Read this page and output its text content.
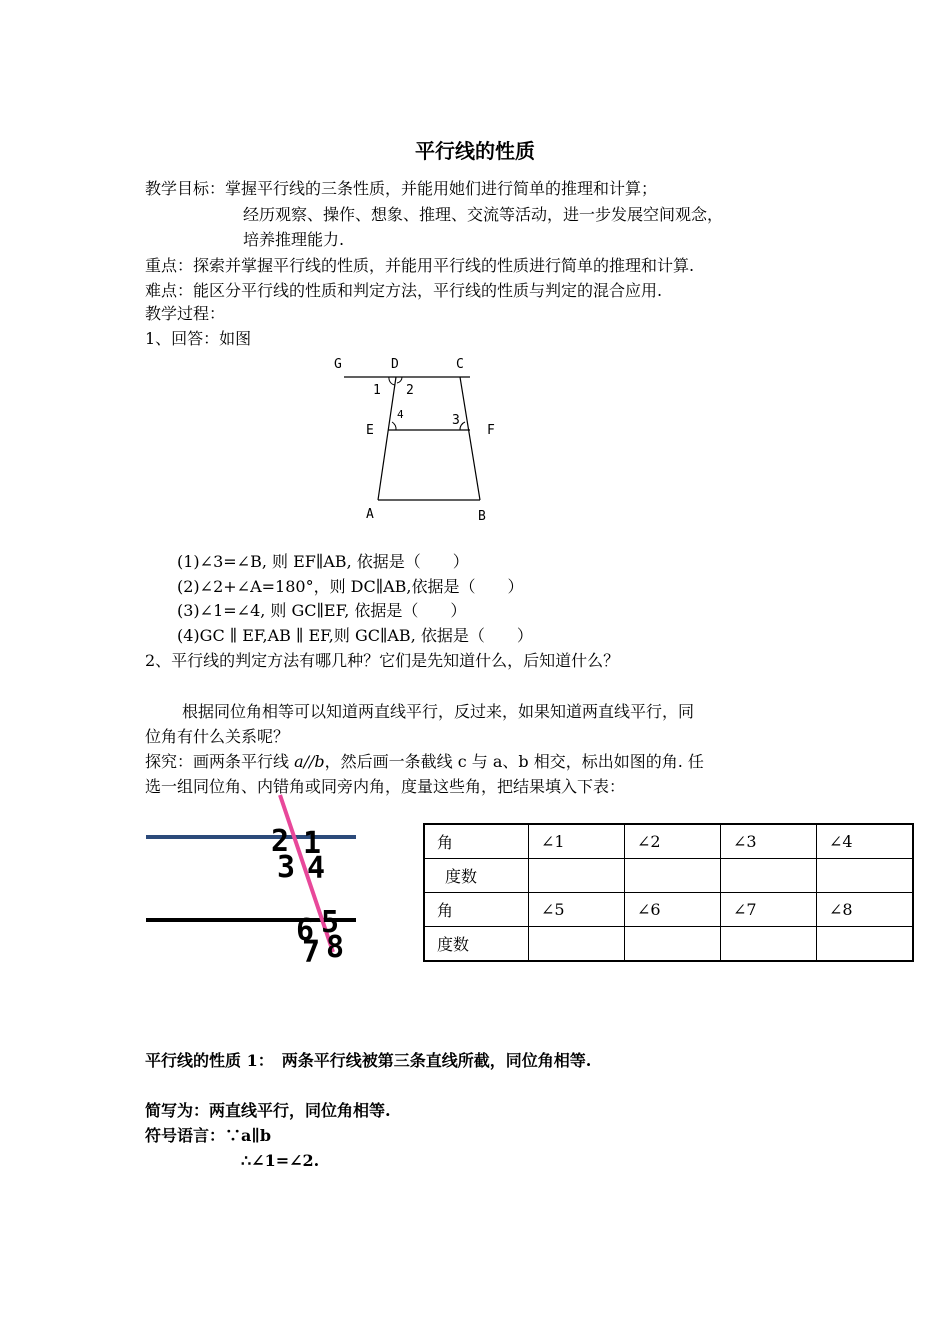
平行线的性质
教学目标：掌握平行线的三条性质，并能用她们进行简单的推理和计算；
经历观察、操作、想象、推理、交流等活动，进一步发展空间观念，
培养推理能力.
重点：探索并掌握平行线的性质，并能用平行线的性质进行简单的推理和计算.
难点：能区分平行线的性质和判定方法，平行线的性质与判定的混合应用.
教学过程：
1、回答：如图
G	D	C
1 2
4	3
E	F
A	B
(1)∠3=∠B, 则 EF∥AB, 依据是（　　）
(2)∠2+∠A=180°，则 DC∥AB,依据是（　　）
(3)∠1=∠4, 则 GC∥EF, 依据是（　　）
(4)GC ∥ EF,AB ∥ EF,则 GC∥AB, 依据是（　　）
2、平行线的判定方法有哪几种？它们是先知道什么，后知道什么？
根据同位角相等可以知道两直线平行，反过来，如果知道两直线平行，同
位角有什么关系呢？
探究：画两条平行线 a//b，然后画一条截线 c 与 a、b 相交，标出如图的角. 任
选一组同位角、内错角或同旁内角，度量这些角，把结果填入下表：
2 1
3 4
6 5
7 8
角	∠1	∠2	∠3	∠4
度数				
角	∠5	∠6	∠7	∠8
度数				
平行线的性质 1：　两条平行线被第三条直线所截，同位角相等.
简写为：两直线平行，同位角相等.
符号语言：∵a∥b
∴∠1=∠2.
